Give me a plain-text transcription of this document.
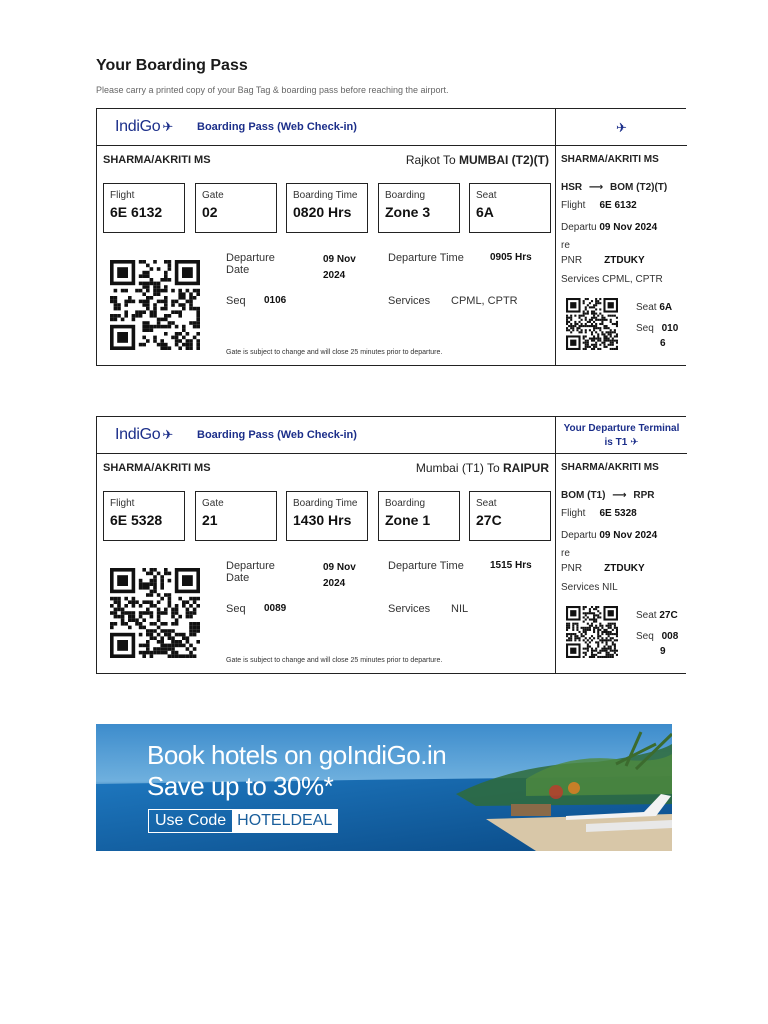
Your Boarding Pass
Please carry a printed copy of your Bag Tag & boarding pass before reaching the airport.
IndiGo ✈ Boarding Pass (Web Check-in)
SHARMA/AKRITI MS	Rajkot To MUMBAI (T2)(T)
Flight
6E 6132
Gate
02
Boarding Time
0820 Hrs
Boarding
Zone 3
Seat
6A
Departure
Date
09 Nov
2024
Departure Time	0905 Hrs
Seq 0106	Services CPML, CPTR
Gate is subject to change and will close 25 minutes prior to departure.
✈
SHARMA/AKRITI MS
HSR ⟶ BOM (T2)(T)
Flight 6E 6132
Departu 09 Nov 2024
re
PNR ZTDUKY
Services CPML, CPTR
Seat 6A
Seq 010
6
IndiGo ✈ Boarding Pass (Web Check-in)
SHARMA/AKRITI MS	Mumbai (T1) To RAIPUR
Flight
6E 5328
Gate
21
Boarding Time
1430 Hrs
Boarding
Zone 1
Seat
27C
Departure
Date
09 Nov
2024
Departure Time	1515 Hrs
Seq 0089	Services NIL
Gate is subject to change and will close 25 minutes prior to departure.
Your Departure Terminal
is T1 ✈
SHARMA/AKRITI MS
BOM (T1) ⟶ RPR
Flight 6E 5328
Departu 09 Nov 2024
re
PNR ZTDUKY
Services NIL
Seat 27C
Seq 008
9
Book hotels on goIndiGo.in
Save up to 30%*
Use Code HOTELDEAL
